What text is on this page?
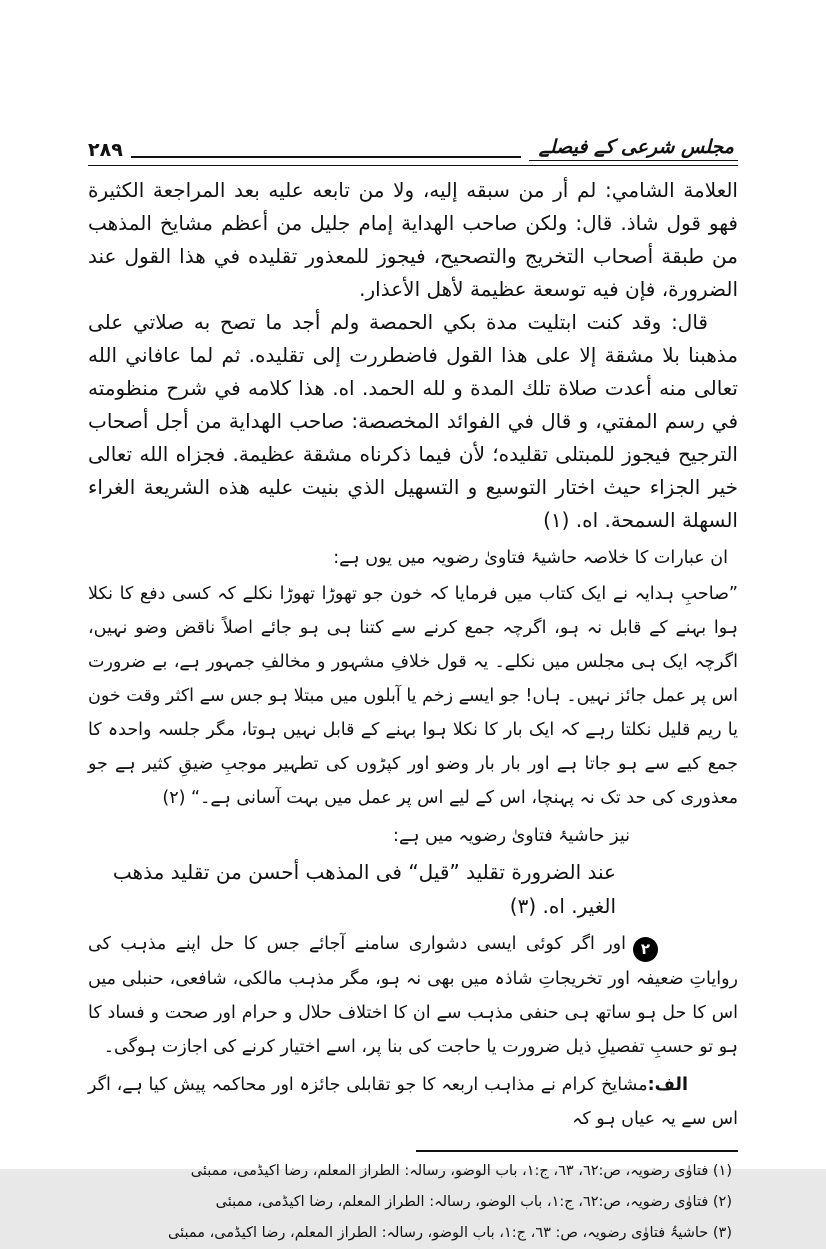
مجلس شرعی کے فیصلے
۲۸۹

العلامة الشامي: لم أر من سبقه إليه، ولا من تابعه عليه بعد المراجعة الكثيرة فهو قول شاذ. قال: ولكن صاحب الهداية إمام جليل من أعظم مشايخ المذهب من طبقة أصحاب التخريج والتصحيح، فيجوز للمعذور تقليده في هذا القول عند الضرورة، فإن فيه توسعة عظيمة لأهل الأعذار.

قال: وقد كنت ابتليت مدة بكي الحمصة ولم أجد ما تصح به صلاتي على مذهبنا بلا مشقة إلا على هذا القول فاضطررت إلى تقليده. ثم لما عافاني الله تعالى منه أعدت صلاة تلك المدة و لله الحمد. اه. هذا كلامه في شرح منظومته في رسم المفتي، و قال في الفوائد المخصصة: صاحب الهداية من أجل أصحاب الترجيح فيجوز للمبتلى تقليده؛ لأن فيما ذكرناه مشقة عظيمة. فجزاه الله تعالى خير الجزاء حيث اختار التوسيع و التسهيل الذي بنيت عليه هذه الشريعة الغراء السهلة السمحة. اه. (۱)

ان عبارات کا خلاصہ حاشیۂ فتاویٰ رضویہ میں یوں ہے:

”صاحبِ ہدایہ نے ایک کتاب میں فرمایا کہ خون جو تھوڑا تھوڑا نکلے کہ کسی دفع کا نکلا ہوا بہنے کے قابل نہ ہو، اگرچہ جمع کرنے سے کتنا ہی ہو جائے اصلاً ناقض وضو نہیں، اگرچہ ایک ہی مجلس میں نکلے۔ یہ قول خلافِ مشہور و مخالفِ جمہور ہے، بے ضرورت اس پر عمل جائز نہیں۔ ہاں! جو ایسے زخم یا آبلوں میں مبتلا ہو جس سے اکثر وقت خون یا ریم قلیل نکلتا رہے کہ ایک بار کا نکلا ہوا بہنے کے قابل نہیں ہوتا، مگر جلسہ واحدہ کا جمع کیے سے ہو جاتا ہے اور بار بار وضو اور کپڑوں کی تطہیر موجبِ ضیقِ کثیر ہے جو معذوری کی حد تک نہ پہنچا، اس کے لیے اس پر عمل میں بہت آسانی ہے۔“ (۲)

نیز حاشیۂ فتاویٰ رضویہ میں ہے:

عند الضرورة تقليد ”قيل“ فى المذهب أحسن من تقليد مذهب الغير. اه. (۳)

۲اور اگر کوئی ایسی دشواری سامنے آجائے جس کا حل اپنے مذہب کی روایاتِ ضعیفہ اور تخریجاتِ شاذہ میں بھی نہ ہو، مگر مذہب مالکی، شافعی، حنبلی میں اس کا حل ہو ساتھ ہی حنفی مذہب سے ان کا اختلاف حلال و حرام اور صحت و فساد کا ہو تو حسبِ تفصیلِ ذیل ضرورت یا حاجت کی بنا پر، اسے اختیار کرنے کی اجازت ہوگی۔

الف:مشایخ کرام نے مذاہب اربعہ کا جو تقابلی جائزہ اور محاکمہ پیش کیا ہے، اگر اس سے یہ عیاں ہو کہ

(۱) فتاوٰی رضویہ، ص:٦٢، ٦٣، ج:١، باب الوضو، رسالہ: الطراز المعلم، رضا اکیڈمی، ممبئی

(۲) فتاوٰی رضویہ، ص:٦٢، ج:١، باب الوضو، رسالہ: الطراز المعلم، رضا اکیڈمی، ممبئی

(۳) حاشیۃُ فتاوٰی رضویہ، ص: ٦٣، ج:١، باب الوضو، رسالہ: الطراز المعلم، رضا اکیڈمی، ممبئی
